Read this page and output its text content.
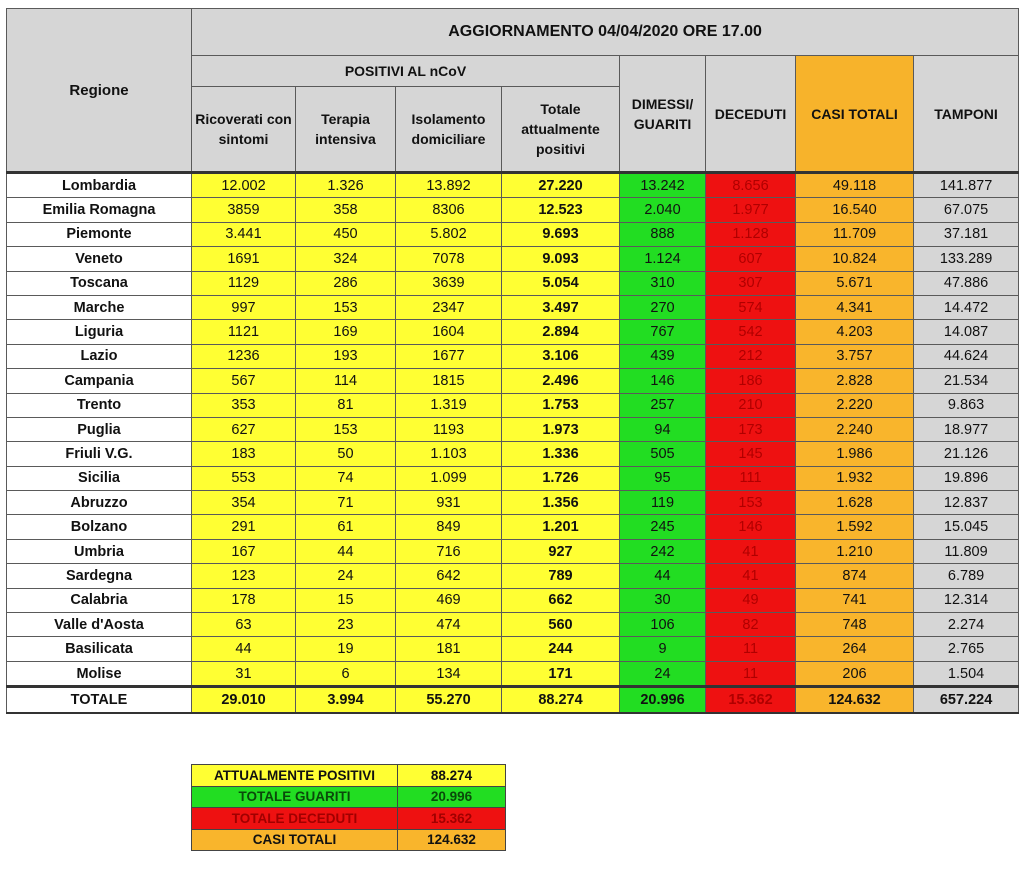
Regione	AGGIORNAMENTO 04/04/2020 ORE 17.00							
	POSITIVI AL nCoV				DIMESSI/ GUARITI	DECEDUTI	CASI TOTALI	TAMPONI
	Ricoverati con sintomi	Terapia intensiva	Isolamento domiciliare	Totale attualmente positivi				
Lombardia	12.002	1.326	13.892	27.220	13.242	8.656	49.118	141.877
Emilia Romagna	3859	358	8306	12.523	2.040	1.977	16.540	67.075
Piemonte	3.441	450	5.802	9.693	888	1.128	11.709	37.181
Veneto	1691	324	7078	9.093	1.124	607	10.824	133.289
Toscana	1129	286	3639	5.054	310	307	5.671	47.886
Marche	997	153	2347	3.497	270	574	4.341	14.472
Liguria	1121	169	1604	2.894	767	542	4.203	14.087
Lazio	1236	193	1677	3.106	439	212	3.757	44.624
Campania	567	114	1815	2.496	146	186	2.828	21.534
Trento	353	81	1.319	1.753	257	210	2.220	9.863
Puglia	627	153	1193	1.973	94	173	2.240	18.977
Friuli V.G.	183	50	1.103	1.336	505	145	1.986	21.126
Sicilia	553	74	1.099	1.726	95	111	1.932	19.896
Abruzzo	354	71	931	1.356	119	153	1.628	12.837
Bolzano	291	61	849	1.201	245	146	1.592	15.045
Umbria	167	44	716	927	242	41	1.210	11.809
Sardegna	123	24	642	789	44	41	874	6.789
Calabria	178	15	469	662	30	49	741	12.314
Valle d'Aosta	63	23	474	560	106	82	748	2.274
Basilicata	44	19	181	244	9	11	264	2.765
Molise	31	6	134	171	24	11	206	1.504
TOTALE	29.010	3.994	55.270	88.274	20.996	15.362	124.632	657.224
ATTUALMENTE POSITIVI	88.274
TOTALE GUARITI	20.996
TOTALE DECEDUTI	15.362
CASI TOTALI	124.632
